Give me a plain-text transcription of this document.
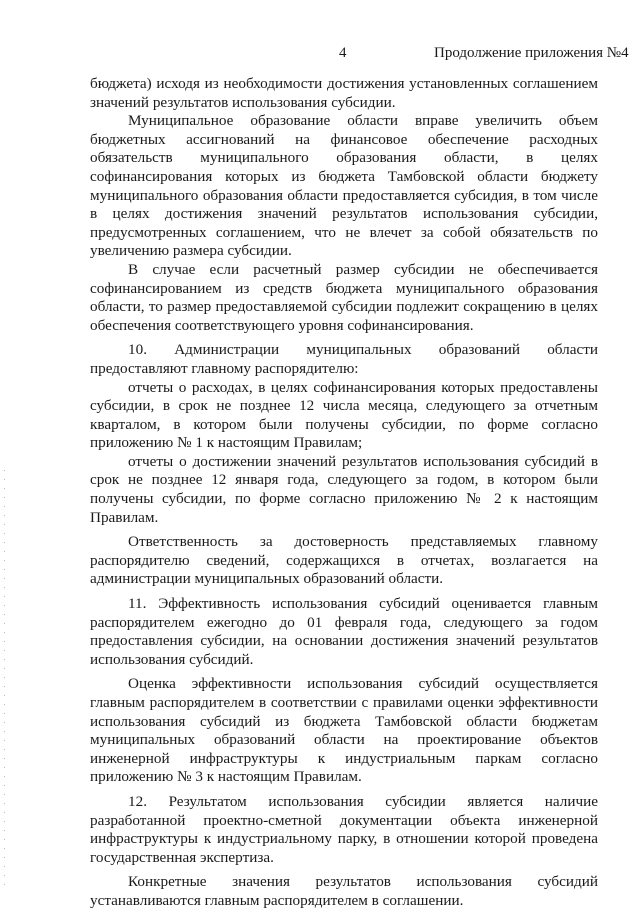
4	Продолжение приложения №4

бюджета) исходя из необходимости достижения установленных соглашением значений результатов использования субсидии.

Муниципальное образование области вправе увеличить объем бюджетных ассигнований на финансовое обеспечение расходных обязательств муниципального образования области, в целях софинансирования которых из бюджета Тамбовской области бюджету муниципального образования области предоставляется субсидия, в том числе в целях достижения значений результатов использования субсидии, предусмотренных соглашением, что не влечет за собой обязательств по увеличению размера субсидии.

В случае если расчетный размер субсидии не обеспечивается софинансированием из средств бюджета муниципального образования области, то размер предоставляемой субсидии подлежит сокращению в целях обеспечения соответствующего уровня софинансирования.

10. Администрации муниципальных образований области предоставляют главному распорядителю:

отчеты о расходах, в целях софинансирования которых предоставлены субсидии, в срок не позднее 12 числа месяца, следующего за отчетным кварталом, в котором были получены субсидии, по форме согласно приложению № 1 к настоящим Правилам;

отчеты о достижении значений результатов использования субсидий в срок не позднее 12 января года, следующего за годом, в котором были получены субсидии, по форме согласно приложению № 2 к настоящим Правилам.

Ответственность за достоверность представляемых главному распорядителю сведений, содержащихся в отчетах, возлагается на администрации муниципальных образований области.

11. Эффективность использования субсидий оценивается главным распорядителем ежегодно до 01 февраля года, следующего за годом предоставления субсидии, на основании достижения значений результатов использования субсидий.

Оценка эффективности использования субсидий осуществляется главным распорядителем в соответствии с правилами оценки эффективности использования субсидий из бюджета Тамбовской области бюджетам муниципальных образований области на проектирование объектов инженерной инфраструктуры к индустриальным паркам согласно приложению № 3 к настоящим Правилам.

12. Результатом использования субсидии является наличие разработанной проектно-сметной документации объекта инженерной инфраструктуры к индустриальному парку, в отношении которой проведена государственная экспертиза.

Конкретные значения результатов использования субсидий устанавливаются главным распорядителем в соглашении.
